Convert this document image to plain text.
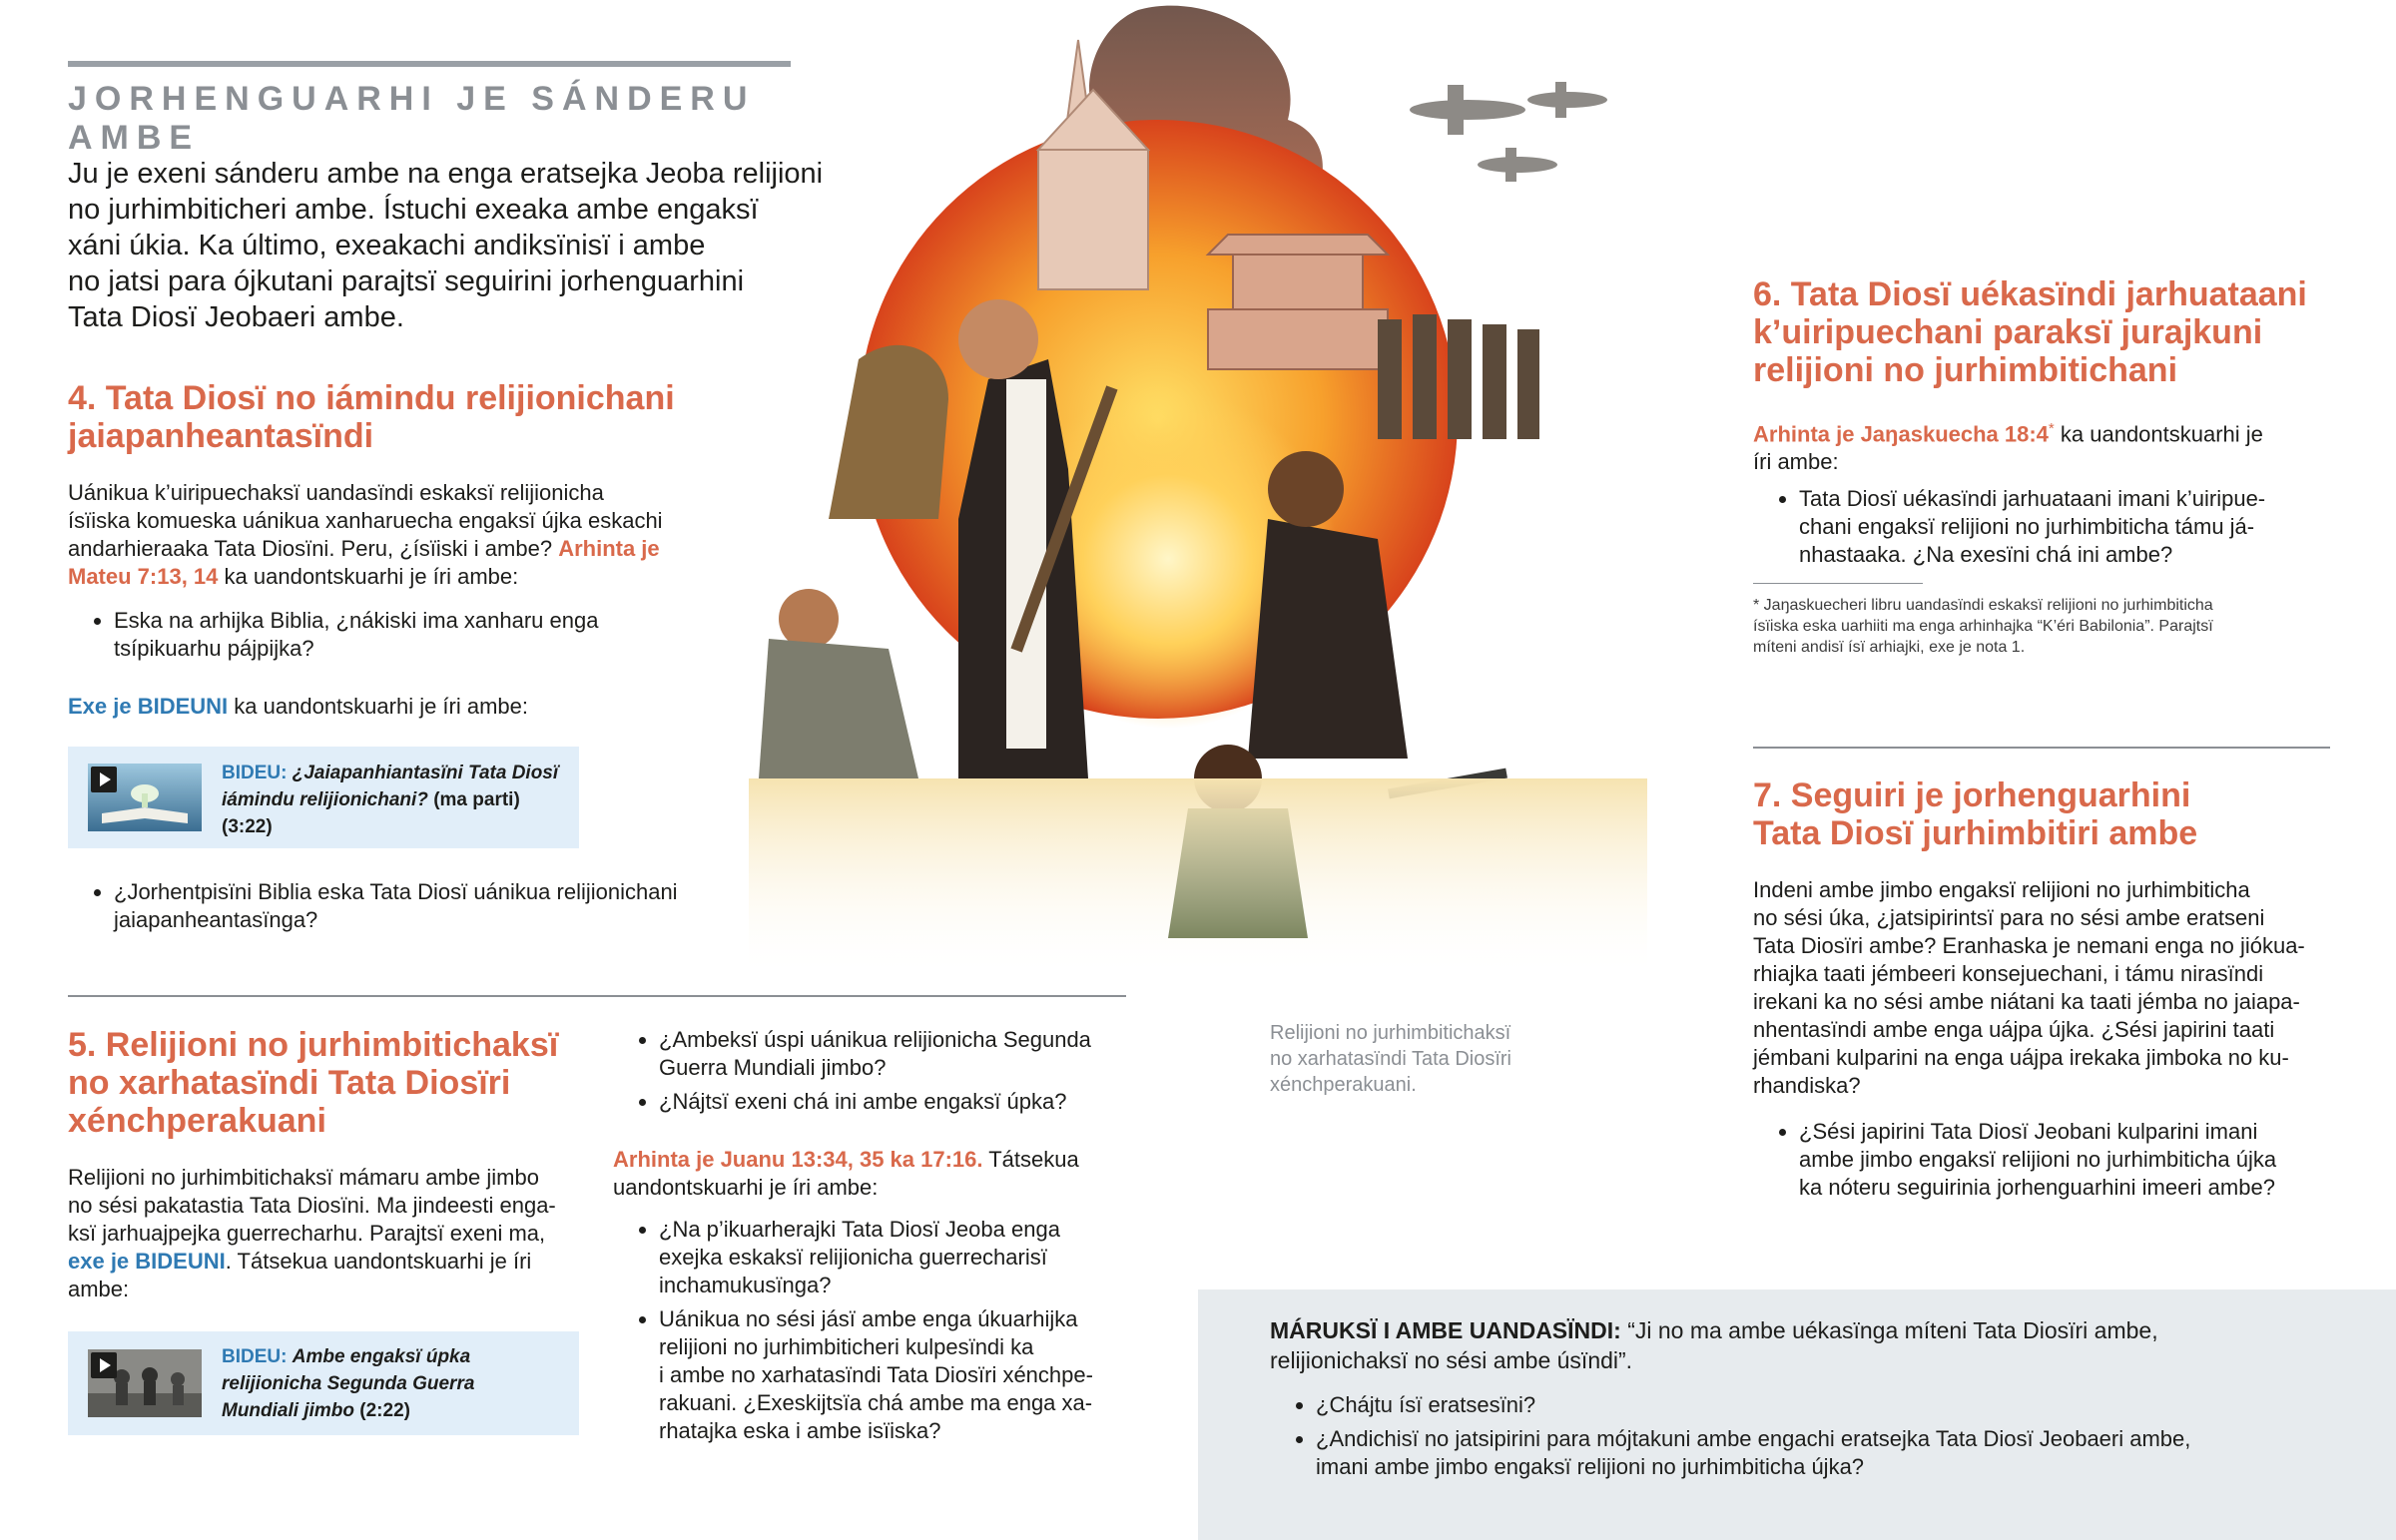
JORHENGUARHI JE SÁNDERU AMBE
Ju je exeni sánderu ambe na enga eratsejka Jeoba relijioni
no jurhimbiticheri ambe. Ístuchi exeaka ambe engaksï
xáni úkia. Ka último, exeakachi andiksïnisï i ambe
no jatsi para ójkutani parajtsï seguirini jorhenguarhini
Tata Diosï Jeobaeri ambe.
4. Tata Diosï no iámindu relijionichani
jaiapanheantasïndi
Uánikua k’uiripuechaksï uandasïndi eskaksï relijionicha
ísïiska komueska uánikua xanharuecha engaksï újka eskachi
andarhieraaka Tata Diosïni. Peru, ¿ísïiski i ambe? Arhinta je
Mateu 7:13, 14 ka uandontskuarhi je íri ambe:
• Eska na arhijka Biblia, ¿nákiski ima xanharu enga
tsípikuarhu pájpijka?
Exe je BIDEUNI ka uandontskuarhi je íri ambe:
BIDEU: ¿Jaiapanhiantasïni Tata Diosï
iámindu relijionichani? (ma parti)
(3:22)
• ¿Jorhentpisïni Biblia eska Tata Diosï uánikua relijionichani
jaiapanheantasïnga?
5. Relijioni no jurhimbitichaksï
no xarhatasïndi Tata Diosïri
xénchperakuani
Relijioni no jurhimbitichaksï mámaru ambe jimbo
no sési pakatastia Tata Diosïni. Ma jindeesti enga-
ksï jarhuajpejka guerrecharhu. Parajtsï exeni ma,
exe je BIDEUNI. Tátsekua uandontskuarhi je íri
ambe:
BIDEU: Ambe engaksï úpka
relijionicha Segunda Guerra
Mundiali jimbo (2:22)
• ¿Ambeksï úspi uánikua relijionicha Segunda
Guerra Mundiali jimbo?
• ¿Nájtsï exeni chá ini ambe engaksï úpka?
Arhinta je Juanu 13:34, 35 ka 17:16. Tátsekua
uandontskuarhi je íri ambe:
• ¿Na p’ikuarherajki Tata Diosï Jeoba enga
exejka eskaksï relijionicha guerrecharisï
inchamukusïnga?
• Uánikua no sési jásï ambe enga úkuarhijka
relijioni no jurhimbiticheri kulpesïndi ka
i ambe no xarhatasïndi Tata Diosïri xénchpe-
rakuani. ¿Exeskijtsïa chá ambe ma enga xa-
rhatajka eska i ambe isïiska?
Relijioni no jurhimbitichaksï
no xarhatasïndi Tata Diosïri
xénchperakuani.
6. Tata Diosï uékasïndi jarhuataani
k’uiripuechani paraksï jurajkuni
relijioni no jurhimbitichani
Arhinta je Jaŋaskuecha 18:4* ka uandontskuarhi je
íri ambe:
• Tata Diosï uékasïndi jarhuataani imani k’uiripue-
chani engaksï relijioni no jurhimbiticha támu já-
nhastaaka. ¿Na exesïni chá ini ambe?
* Jaŋaskuecheri libru uandasïndi eskaksï relijioni no jurhimbiticha
ísïiska eska uarhiiti ma enga arhinhajka “K’éri Babilonia”. Parajtsï
míteni andisï ísï arhiajki, exe je nota 1.
7. Seguiri je jorhenguarhini
Tata Diosï jurhimbitiri ambe
Indeni ambe jimbo engaksï relijioni no jurhimbiticha
no sési úka, ¿jatsipirintsï para no sési ambe eratseni
Tata Diosïri ambe? Eranhaska je nemani enga no jiókua-
rhiajka taati jémbeeri konsejuechani, i támu nirasïndi
irekani ka no sési ambe niátani ka taati jémba no jaiapa-
nhentasïndi ambe enga uájpa újka. ¿Sési japirini taati
jémbani kulparini na enga uájpa irekaka jimboka no ku-
rhandiska?
• ¿Sési japirini Tata Diosï Jeobani kulparini imani
ambe jimbo engaksï relijioni no jurhimbiticha újka
ka nóteru seguirinia jorhenguarhini imeeri ambe?
MÁRUKSÏ I AMBE UANDASÏNDI: “Ji no ma ambe uékasïnga míteni Tata Diosïri ambe,
relijionichaksï no sési ambe úsïndi”.
• ¿Chájtu ísï eratsesïni?
• ¿Andichisï no jatsipirini para mójtakuni ambe engachi eratsejka Tata Diosï Jeobaeri ambe,
imani ambe jimbo engaksï relijioni no jurhimbiticha újka?
